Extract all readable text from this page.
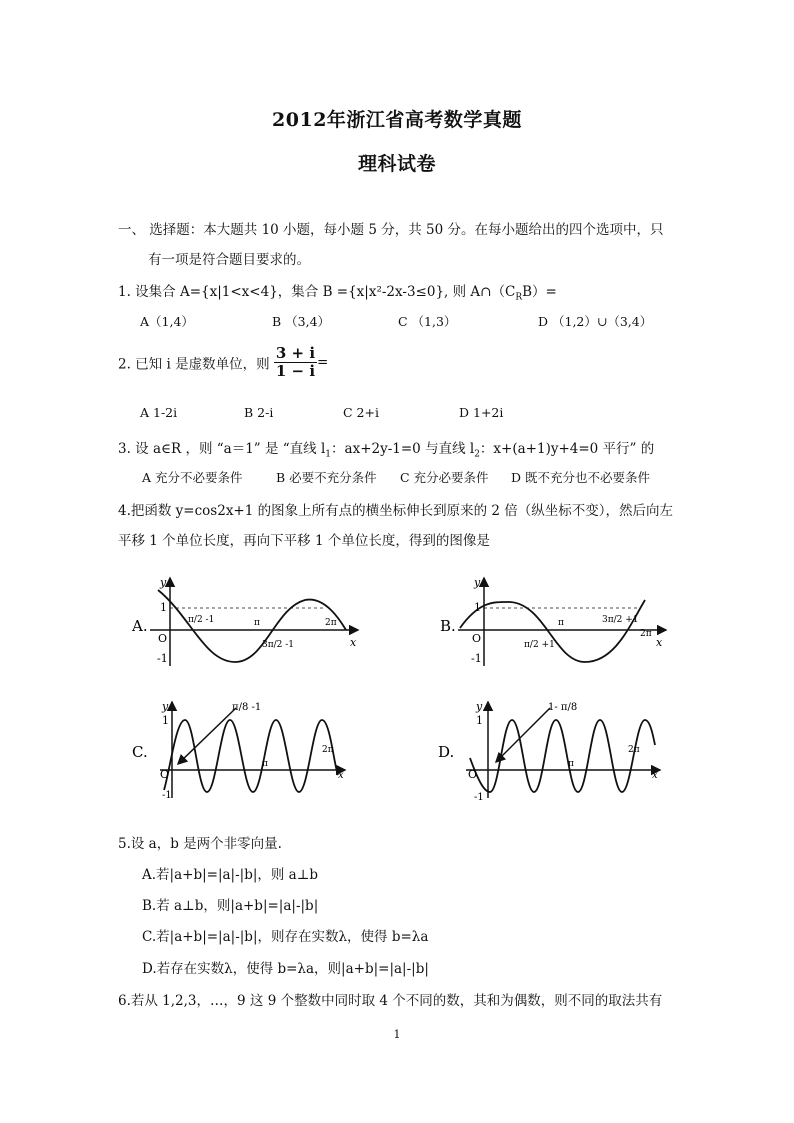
2012年浙江省高考数学真题
理科试卷
一、 选择题：本大题共 10 小题，每小题 5 分，共 50 分。在每小题给出的四个选项中，只
有一项是符合题目要求的。
1. 设集合 A={x|1<x<4}，集合 B ={x|x²-2x-3≤0}, 则 $A\cap(C_RB)=$
A（1,4）	B （3,4）	C （1,3）	D （1,2）∪（3,4）
2. 已知 i 是虚数单位，则 $\frac{3 + i}{1 - i}$ =
A 1-2i	B 2-i	C 2+i	D 1+2i
3. 设 a∈R ，则 “a＝1” 是 “直线 $l_1$：ax+2y-1=0 与直线 $l_2$：x+(a+1)y+4=0 平行” 的
A 充分不必要条件	B 必要不充分条件 C 充分必要条件 D 既不充分也不必要条件
4.把函数 y=cos2x+1 的图象上所有点的横坐标伸长到原来的 2 倍（纵坐标不变），然后向左
平移 1 个单位长度，再向下平移 1 个单位长度，得到的图像是
A.
y
x
O
1
-1
π/2 -1	π
3π/2 -1
2π	B.
y
x
O
1
-1
π/2 +1
π	3π/2 +1
2π
C.
y
x
O
1
-1
π/8 -1
π
2π	D.
y
x
O
1
-1
1- π/8
π
2π
5.设 a，b 是两个非零向量.
A.若|a+b|=|a|-|b|，则 a⊥b
B.若 a⊥b，则|a+b|=|a|-|b|
C.若|a+b|=|a|-|b|，则存在实数λ，使得 b=λa
D.若存在实数λ，使得 b=λa，则|a+b|=|a|-|b|
6.若从 1,2,3，…，9 这 9 个整数中同时取 4 个不同的数，其和为偶数，则不同的取法共有
1
